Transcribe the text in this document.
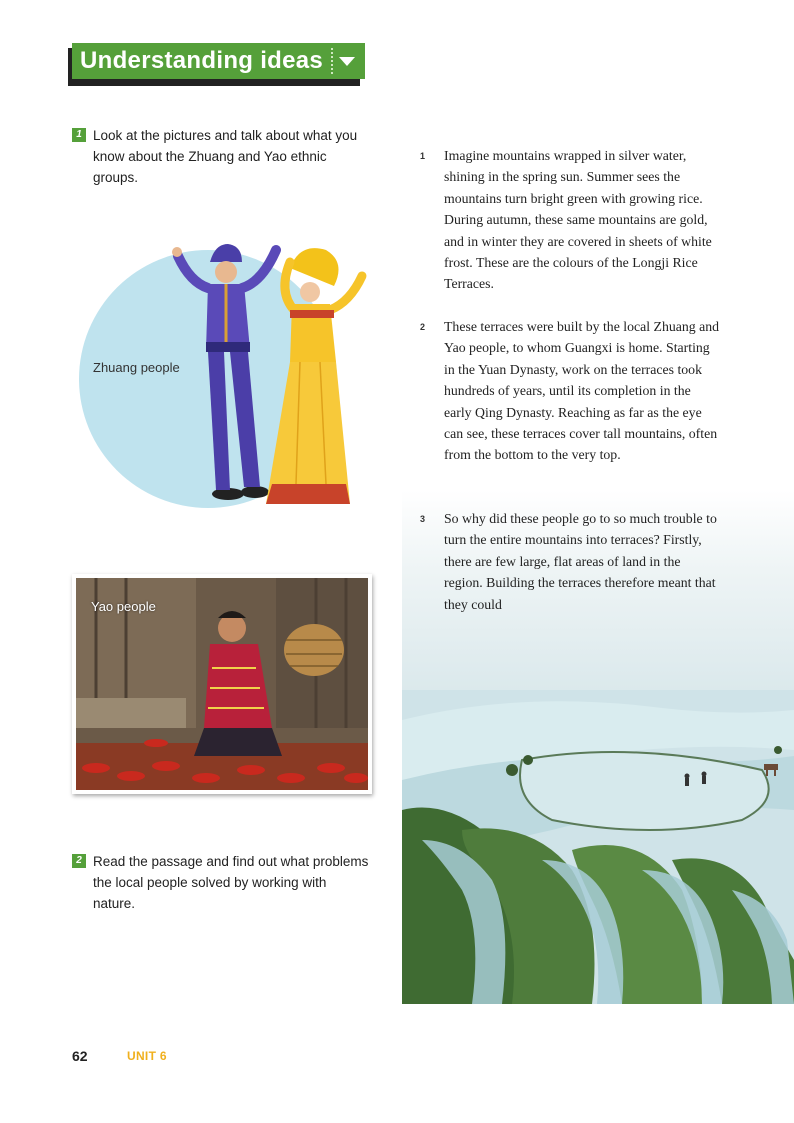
Understanding ideas
1 Look at the pictures and talk about what you know about the Zhuang and Yao ethnic groups.
Zhuang people
Yao people
2 Read the passage and find out what problems the local people solved by working with nature.
1 Imagine mountains wrapped in silver water, shining in the spring sun. Summer sees the mountains turn bright green with growing rice. During autumn, these same mountains are gold, and in winter they are covered in sheets of white frost. These are the colours of the Longji Rice Terraces.
2 These terraces were built by the local Zhuang and Yao people, to whom Guangxi is home. Starting in the Yuan Dynasty, work on the terraces took hundreds of years, until its completion in the early Qing Dynasty. Reaching as far as the eye can see, these terraces cover tall mountains, often from the bottom to the very top.
3 So why did these people go to so much trouble to turn the entire mountains into terraces? Firstly, there are few large, flat areas of land in the region. Building the terraces therefore meant that they could
62	UNIT 6
